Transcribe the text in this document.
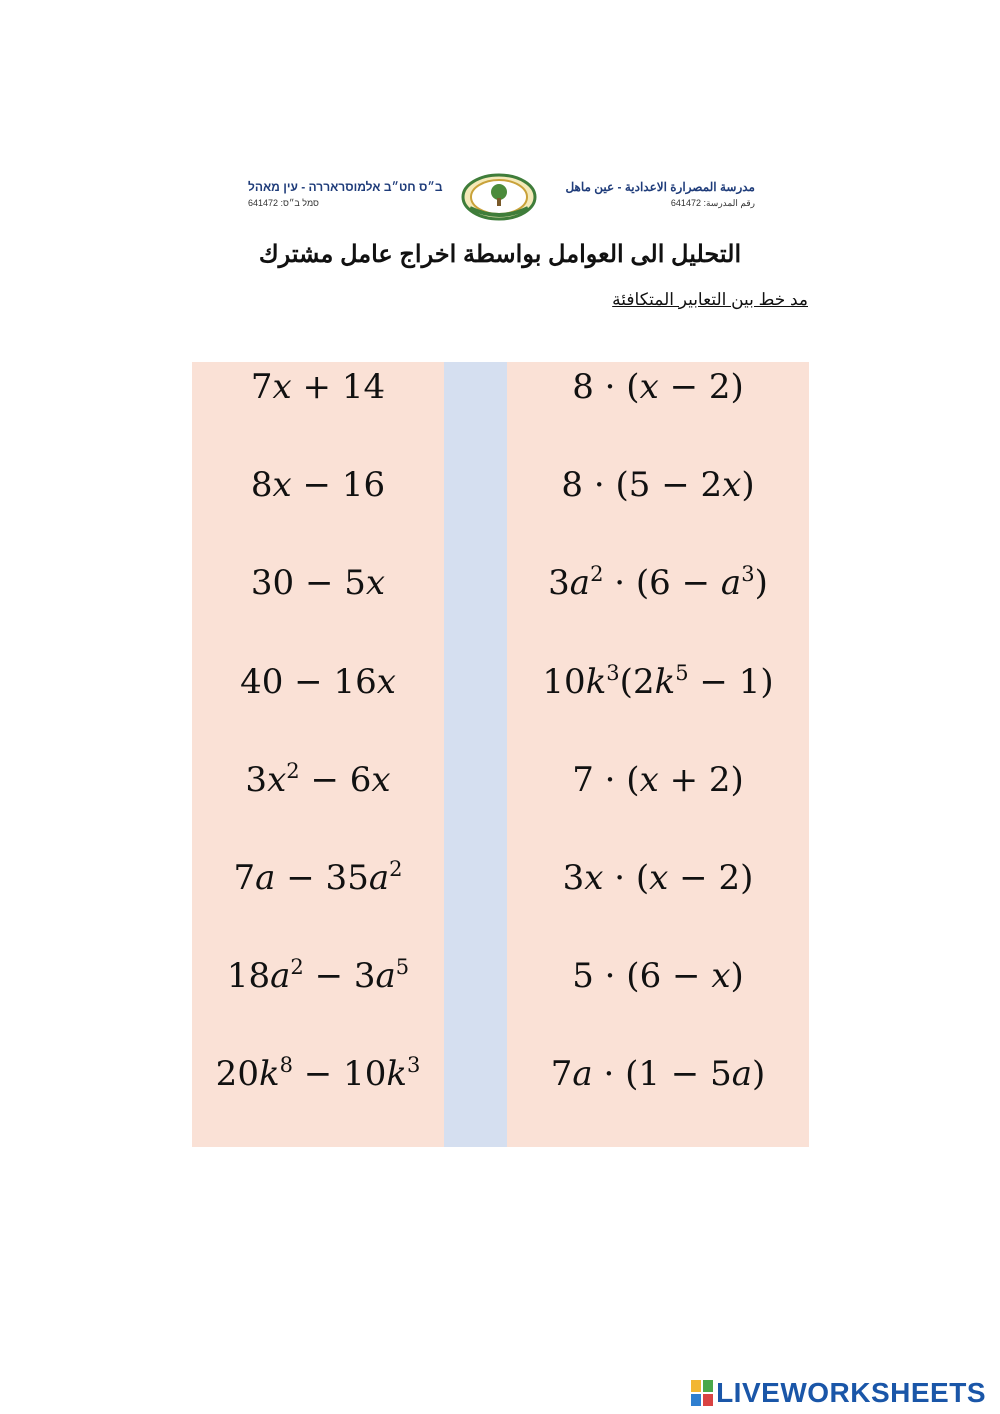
ב״ס חט״ב אלמוסראררה - עין מאהל
סמל ב״ס: 641472
مدرسة المصرارة الاعدادية - عين ماهل
رقم المدرسة: 641472
التحليل الى العوامل بواسطة اخراج عامل مشترك
مد خط بين التعابير المتكافئة
7x + 14
8x − 16
30 − 5x
40 − 16x
$3x^2 - 6x$
$7a - 35a^2$
$18a^2 - 3a^5$
$20k^8 - 10k^3$
8 · (x − 2)
8 · (5 − 2x)
$3a^2 \cdot (6 - a^3)$
$10k^3(2k^5 - 1)$
7 · (x + 2)
3x · (x − 2)
5 · (6 − x)
7a · (1 − 5a)
LIVEWORKSHEETS
